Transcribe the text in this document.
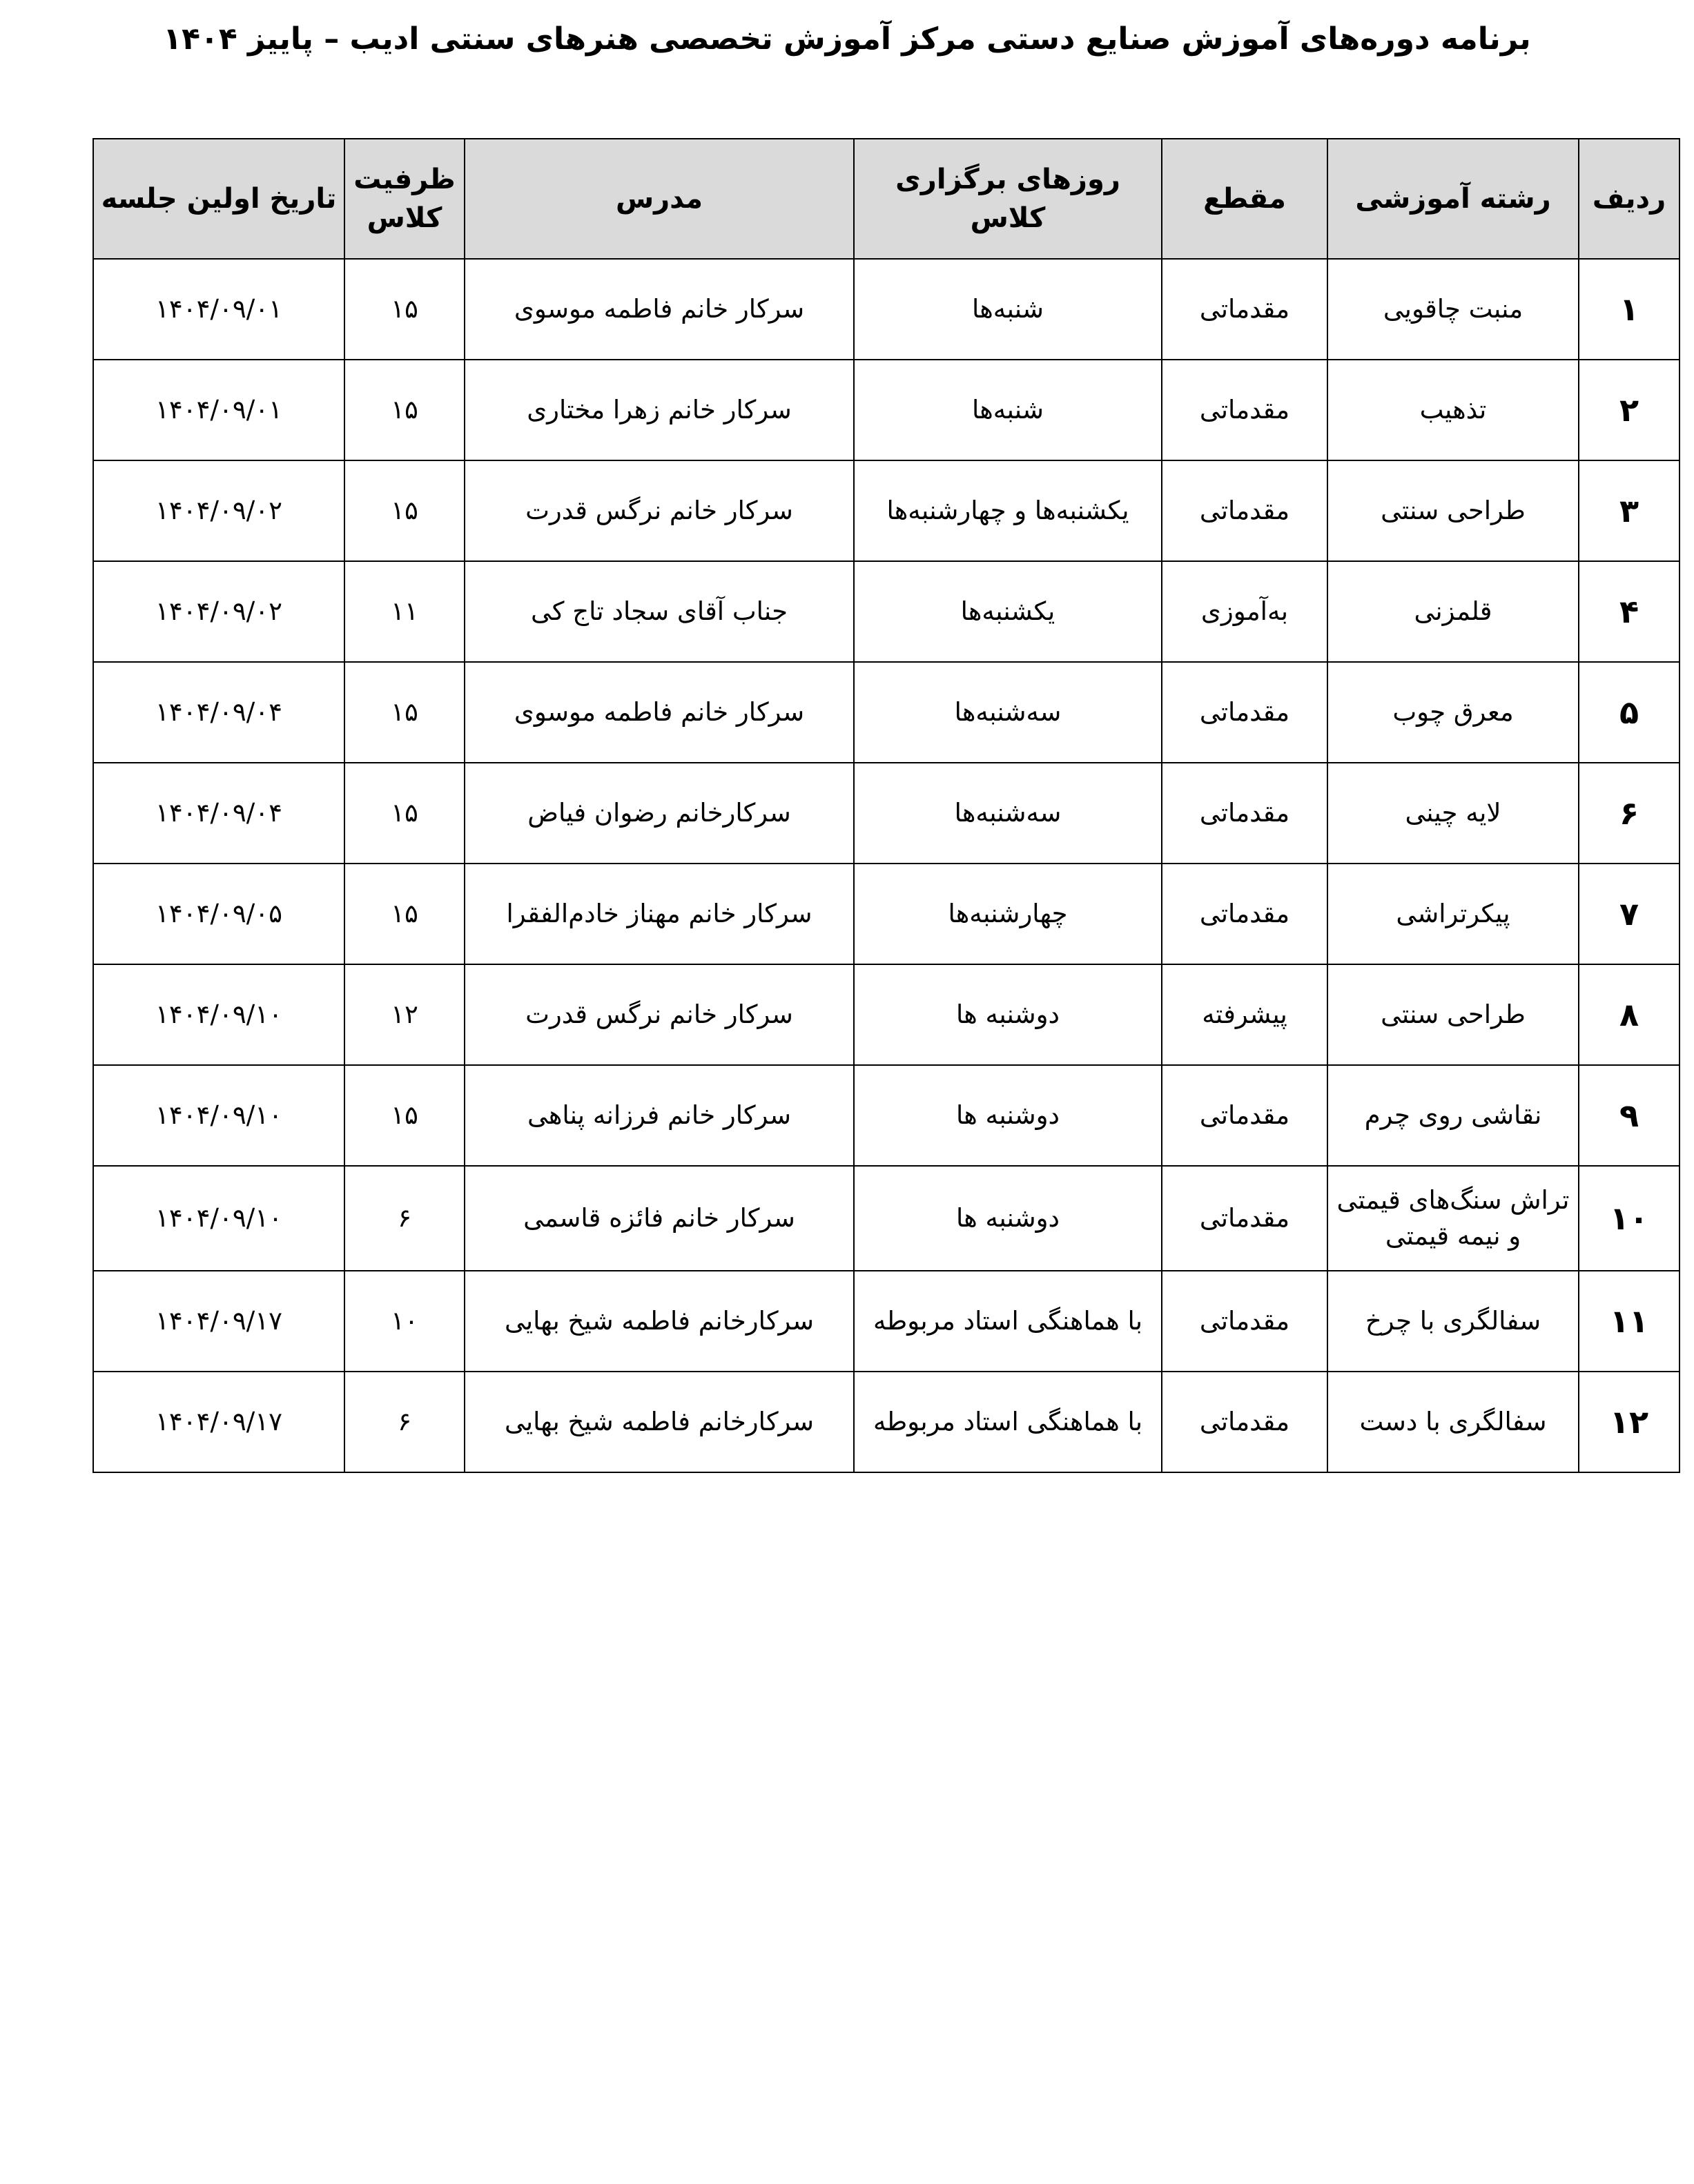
برنامه دوره‌های آموزش صنایع دستی مرکز آموزش تخصصی هنرهای سنتی ادیب – پاییز ۱۴۰۴
ردیف	رشته آموزشی	مقطع	روزهای برگزاری کلاس	مدرس	ظرفیت کلاس	تاریخ اولین جلسه
۱	منبت چاقویی	مقدماتی	شنبه‌ها	سرکار خانم فاطمه موسوی	۱۵	۱۴۰۴/۰۹/۰۱
۲	تذهیب	مقدماتی	شنبه‌ها	سرکار خانم زهرا مختاری	۱۵	۱۴۰۴/۰۹/۰۱
۳	طراحی سنتی	مقدماتی	یکشنبه‌ها و چهارشنبه‌ها	سرکار خانم نرگس قدرت	۱۵	۱۴۰۴/۰۹/۰۲
۴	قلمزنی	به‌آموزی	یکشنبه‌ها	جناب آقای سجاد تاج کی	۱۱	۱۴۰۴/۰۹/۰۲
۵	معرق چوب	مقدماتی	سه‌شنبه‌ها	سرکار خانم فاطمه موسوی	۱۵	۱۴۰۴/۰۹/۰۴
۶	لایه چینی	مقدماتی	سه‌شنبه‌ها	سرکارخانم رضوان فیاض	۱۵	۱۴۰۴/۰۹/۰۴
۷	پیکرتراشی	مقدماتی	چهارشنبه‌ها	سرکار خانم مهناز خادم‌الفقرا	۱۵	۱۴۰۴/۰۹/۰۵
۸	طراحی سنتی	پیشرفته	دوشنبه ها	سرکار خانم نرگس قدرت	۱۲	۱۴۰۴/۰۹/۱۰
۹	نقاشی روی چرم	مقدماتی	دوشنبه ها	سرکار خانم فرزانه پناهی	۱۵	۱۴۰۴/۰۹/۱۰
۱۰	تراش سنگ‌های قیمتی و نیمه قیمتی	مقدماتی	دوشنبه ها	سرکار خانم فائزه قاسمی	۶	۱۴۰۴/۰۹/۱۰
۱۱	سفالگری با چرخ	مقدماتی	با هماهنگی استاد مربوطه	سرکارخانم فاطمه شیخ بهایی	۱۰	۱۴۰۴/۰۹/۱۷
۱۲	سفالگری با دست	مقدماتی	با هماهنگی استاد مربوطه	سرکارخانم فاطمه شیخ بهایی	۶	۱۴۰۴/۰۹/۱۷
